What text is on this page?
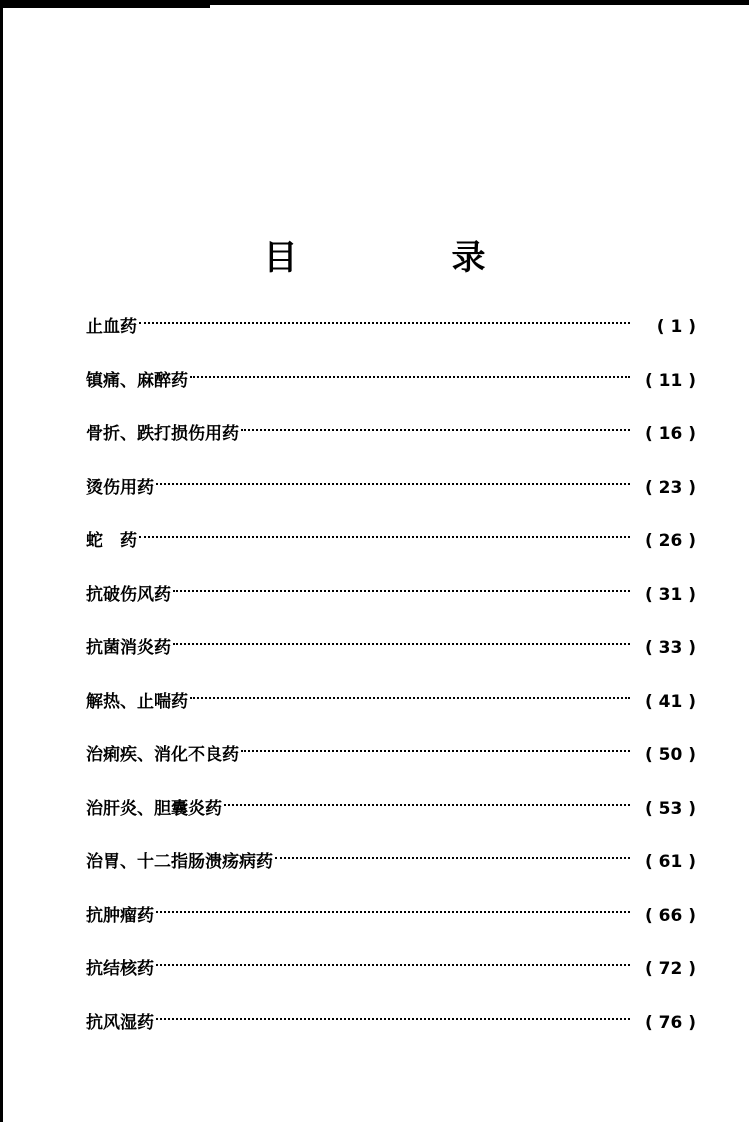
目　录
止血药	( 1 )
镇痛、麻醉药	( 11 )
骨折、跌打损伤用药	( 16 )
烫伤用药	( 23 )
蛇　药	( 26 )
抗破伤风药	( 31 )
抗菌消炎药	( 33 )
解热、止喘药	( 41 )
治痢疾、消化不良药	( 50 )
治肝炎、胆囊炎药	( 53 )
治胃、十二指肠溃疡病药	( 61 )
抗肿瘤药	( 66 )
抗结核药	( 72 )
抗风湿药	( 76 )
